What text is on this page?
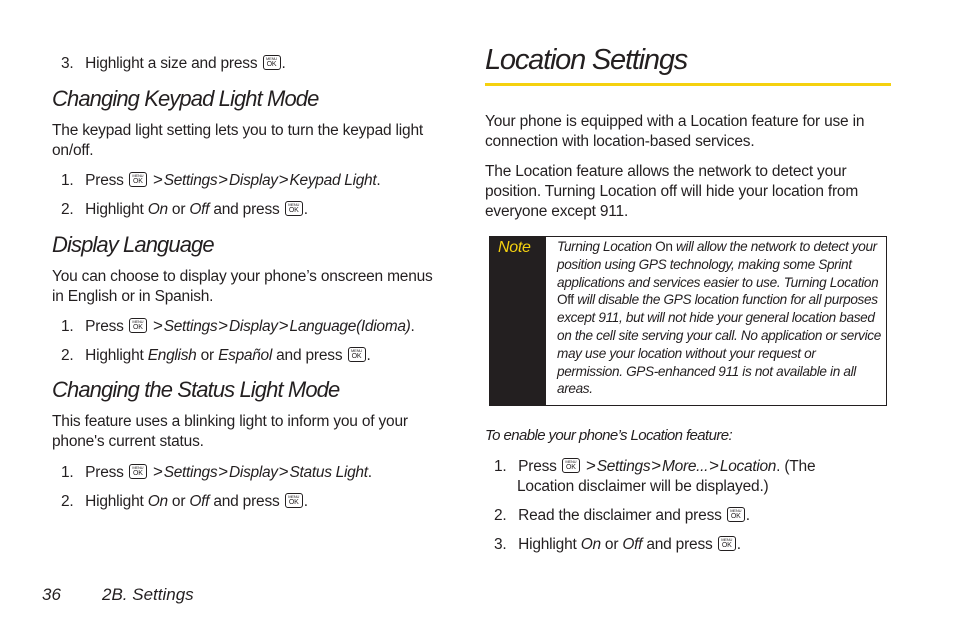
3. Highlight a size and press MENU OK .
Changing Keypad Light Mode

The keypad light setting lets you to turn the keypad light on/off.

1. Press MENU OK >Settings>Display>Keypad Light.
2. Highlight On or Off and press MENU OK .
Display Language

You can choose to display your phone’s onscreen menus in English or in Spanish.

1. Press MENU OK >Settings>Display>Language(Idioma).
2. Highlight English or Español and press MENU OK .
Changing the Status Light Mode

This feature uses a blinking light to inform you of your phone's current status.

1. Press MENU OK >Settings>Display>Status Light.
2. Highlight On or Off and press MENU OK .
Location Settings

Your phone is equipped with a Location feature for use in connection with location-based services.

The Location feature allows the network to detect your position. Turning Location off will hide your location from everyone except 911.

Note Turning Location On will allow the network to detect your position using GPS technology, making some Sprint applications and services easier to use. Turning Location Off will disable the GPS location function for all purposes except 911, but will not hide your general location based on the cell site serving your call. No application or service may use your location without your request or permission. GPS-enhanced 911 is not available in all areas.

To enable your phone’s Location feature:

1. Press MENU OK >Settings>More...>Location. (The
Location disclaimer will be displayed.)
2. Read the disclaimer and press MENU OK .
3. Highlight On or Off and press MENU OK .
36 2B. Settings
